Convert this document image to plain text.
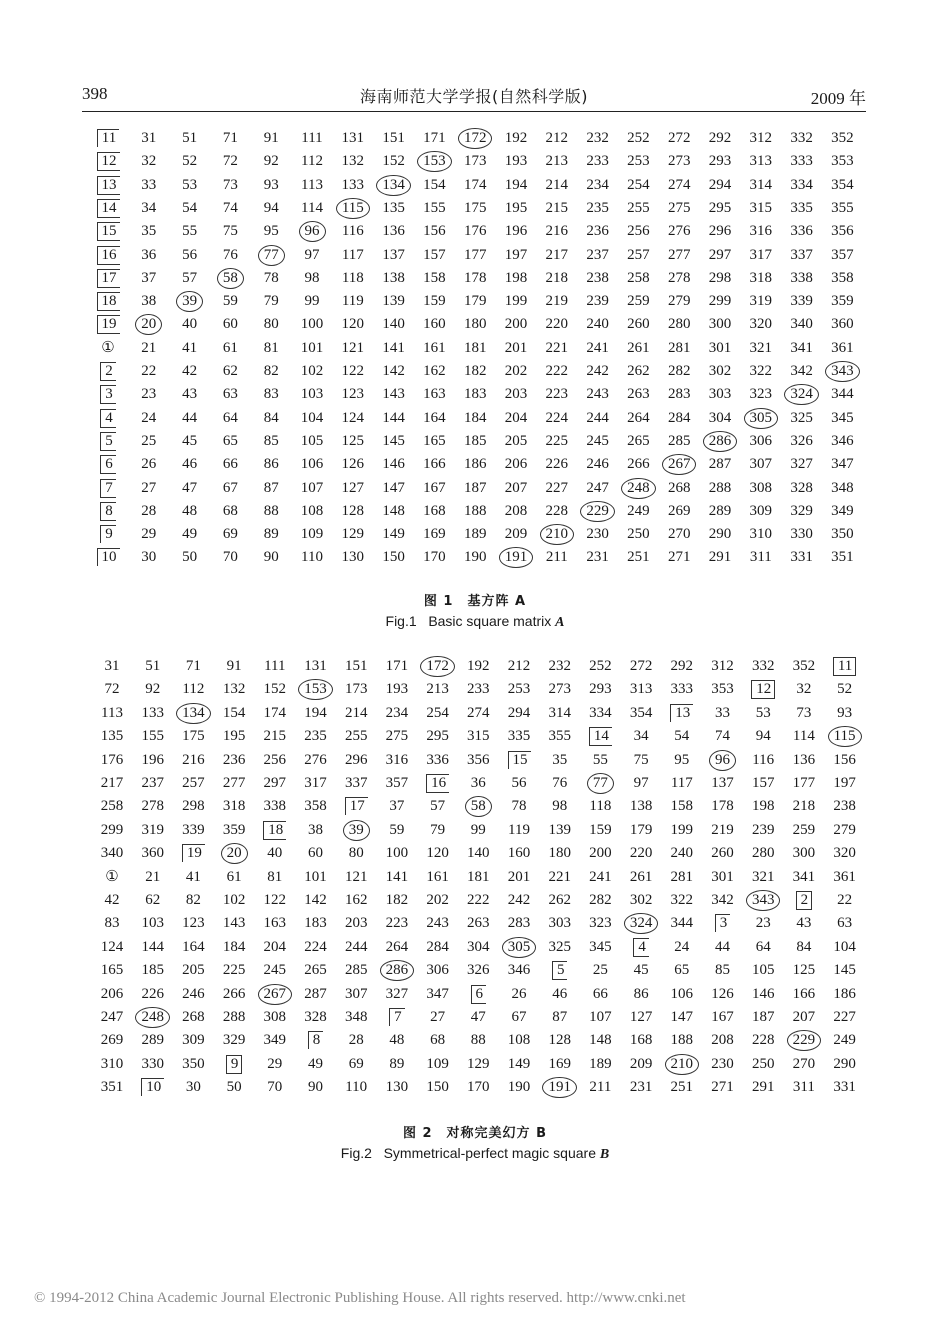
398	海南师范大学学报(自然科学版)	2009 年
11	31	51	71	91	111	131	151	171	172	192	212	232	252	272	292	312	332	352
12	32	52	72	92	112	132	152	153	173	193	213	233	253	273	293	313	333	353
13	33	53	73	93	113	133	134	154	174	194	214	234	254	274	294	314	334	354
14	34	54	74	94	114	115	135	155	175	195	215	235	255	275	295	315	335	355
15	35	55	75	95	96	116	136	156	176	196	216	236	256	276	296	316	336	356
16	36	56	76	77	97	117	137	157	177	197	217	237	257	277	297	317	337	357
17	37	57	58	78	98	118	138	158	178	198	218	238	258	278	298	318	338	358
18	38	39	59	79	99	119	139	159	179	199	219	239	259	279	299	319	339	359
19	20	40	60	80	100	120	140	160	180	200	220	240	260	280	300	320	340	360
①	21	41	61	81	101	121	141	161	181	201	221	241	261	281	301	321	341	361
2	22	42	62	82	102	122	142	162	182	202	222	242	262	282	302	322	342	343
3	23	43	63	83	103	123	143	163	183	203	223	243	263	283	303	323	324	344
4	24	44	64	84	104	124	144	164	184	204	224	244	264	284	304	305	325	345
5	25	45	65	85	105	125	145	165	185	205	225	245	265	285	286	306	326	346
6	26	46	66	86	106	126	146	166	186	206	226	246	266	267	287	307	327	347
7	27	47	67	87	107	127	147	167	187	207	227	247	248	268	288	308	328	348
8	28	48	68	88	108	128	148	168	188	208	228	229	249	269	289	309	329	349
9	29	49	69	89	109	129	149	169	189	209	210	230	250	270	290	310	330	350
10	30	50	70	90	110	130	150	170	190	191	211	231	251	271	291	311	331	351
图 1　基方阵 A
Fig.1 Basic square matrix A
31	51	71	91	111	131	151	171	172	192	212	232	252	272	292	312	332	352	11
72	92	112	132	152	153	173	193	213	233	253	273	293	313	333	353	12	32	52
113	133	134	154	174	194	214	234	254	274	294	314	334	354	13	33	53	73	93
135	155	175	195	215	235	255	275	295	315	335	355	14	34	54	74	94	114	115
176	196	216	236	256	276	296	316	336	356	15	35	55	75	95	96	116	136	156
217	237	257	277	297	317	337	357	16	36	56	76	77	97	117	137	157	177	197
258	278	298	318	338	358	17	37	57	58	78	98	118	138	158	178	198	218	238
299	319	339	359	18	38	39	59	79	99	119	139	159	179	199	219	239	259	279
340	360	19	20	40	60	80	100	120	140	160	180	200	220	240	260	280	300	320
①	21	41	61	81	101	121	141	161	181	201	221	241	261	281	301	321	341	361
42	62	82	102	122	142	162	182	202	222	242	262	282	302	322	342	343	2	22
83	103	123	143	163	183	203	223	243	263	283	303	323	324	344	3	23	43	63
124	144	164	184	204	224	244	264	284	304	305	325	345	4	24	44	64	84	104
165	185	205	225	245	265	285	286	306	326	346	5	25	45	65	85	105	125	145
206	226	246	266	267	287	307	327	347	6	26	46	66	86	106	126	146	166	186
247	248	268	288	308	328	348	7	27	47	67	87	107	127	147	167	187	207	227
269	289	309	329	349	8	28	48	68	88	108	128	148	168	188	208	228	229	249
310	330	350	9	29	49	69	89	109	129	149	169	189	209	210	230	250	270	290
351	10	30	50	70	90	110	130	150	170	190	191	211	231	251	271	291	311	331
图 2　对称完美幻方 B
Fig.2 Symmetrical-perfect magic square B
© 1994-2012 China Academic Journal Electronic Publishing House. All rights reserved. http://www.cnki.net
